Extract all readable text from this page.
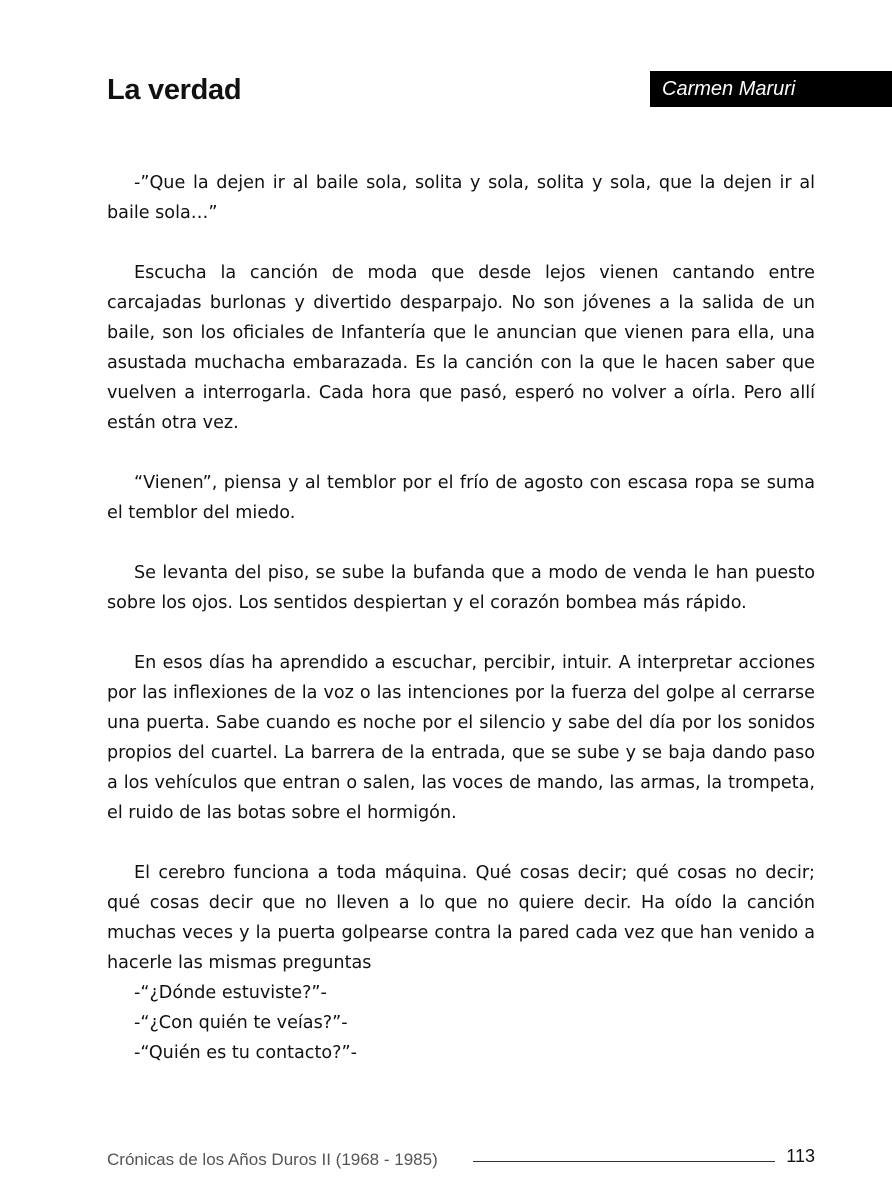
La verdad	Carmen Maruri

-”Que la dejen ir al baile sola, solita y sola, solita y sola, que la dejen ir al baile sola…”

Escucha la canción de moda que desde lejos vienen cantando entre carcajadas burlonas y divertido desparpajo. No son jóvenes a la salida de un baile, son los oficiales de Infantería que le anuncian que vienen para ella, una asustada muchacha embarazada. Es la canción con la que le hacen saber que vuelven a interrogarla. Cada hora que pasó, esperó no volver a oírla. Pero allí están otra vez.

“Vienen”, piensa y al temblor por el frío de agosto con escasa ropa se suma el temblor del miedo.

Se levanta del piso, se sube la bufanda que a modo de venda le han puesto sobre los ojos. Los sentidos despiertan y el corazón bombea más rápido.

En esos días ha aprendido a escuchar, percibir, intuir. A interpretar acciones por las inflexiones de la voz o las intenciones por la fuerza del golpe al cerrarse una puerta. Sabe cuando es noche por el silencio y sabe del día por los sonidos propios del cuartel. La barrera de la entrada, que se sube y se baja dando paso a los vehículos que entran o salen, las voces de mando, las armas, la trompeta, el ruido de las botas sobre el hormigón.

El cerebro funciona a toda máquina. Qué cosas decir; qué cosas no decir; qué cosas decir que no lleven a lo que no quiere decir. Ha oído la canción muchas veces y la puerta golpearse contra la pared cada vez que han venido a hacerle las mismas preguntas

-“¿Dónde estuviste?”-

-“¿Con quién te veías?”-

-“Quién es tu contacto?”-

Crónicas de los Años Duros II (1968 - 1985)	113
